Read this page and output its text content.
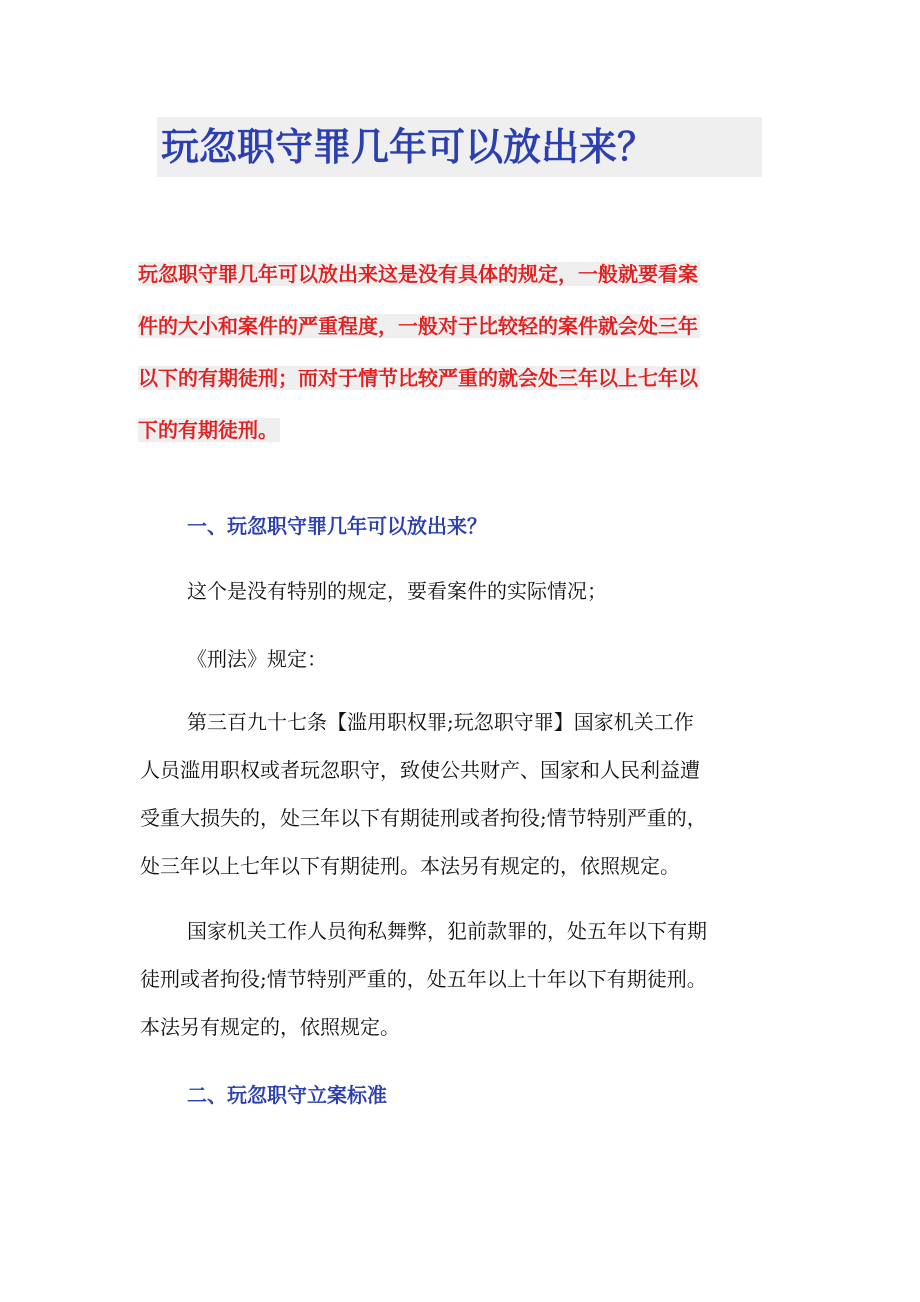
玩忽职守罪几年可以放出来？
玩忽职守罪几年可以放出来这是没有具体的规定，一般就要看案
件的大小和案件的严重程度，一般对于比较轻的案件就会处三年
以下的有期徒刑；而对于情节比较严重的就会处三年以上七年以
下的有期徒刑。
一、玩忽职守罪几年可以放出来？
这个是没有特别的规定，要看案件的实际情况；
《刑法》规定：
第三百九十七条【滥用职权罪;玩忽职守罪】国家机关工作
人员滥用职权或者玩忽职守，致使公共财产、国家和人民利益遭
受重大损失的，处三年以下有期徒刑或者拘役;情节特别严重的，
处三年以上七年以下有期徒刑。本法另有规定的，依照规定。
国家机关工作人员徇私舞弊，犯前款罪的，处五年以下有期
徒刑或者拘役;情节特别严重的，处五年以上十年以下有期徒刑。
本法另有规定的，依照规定。
二、玩忽职守立案标准
